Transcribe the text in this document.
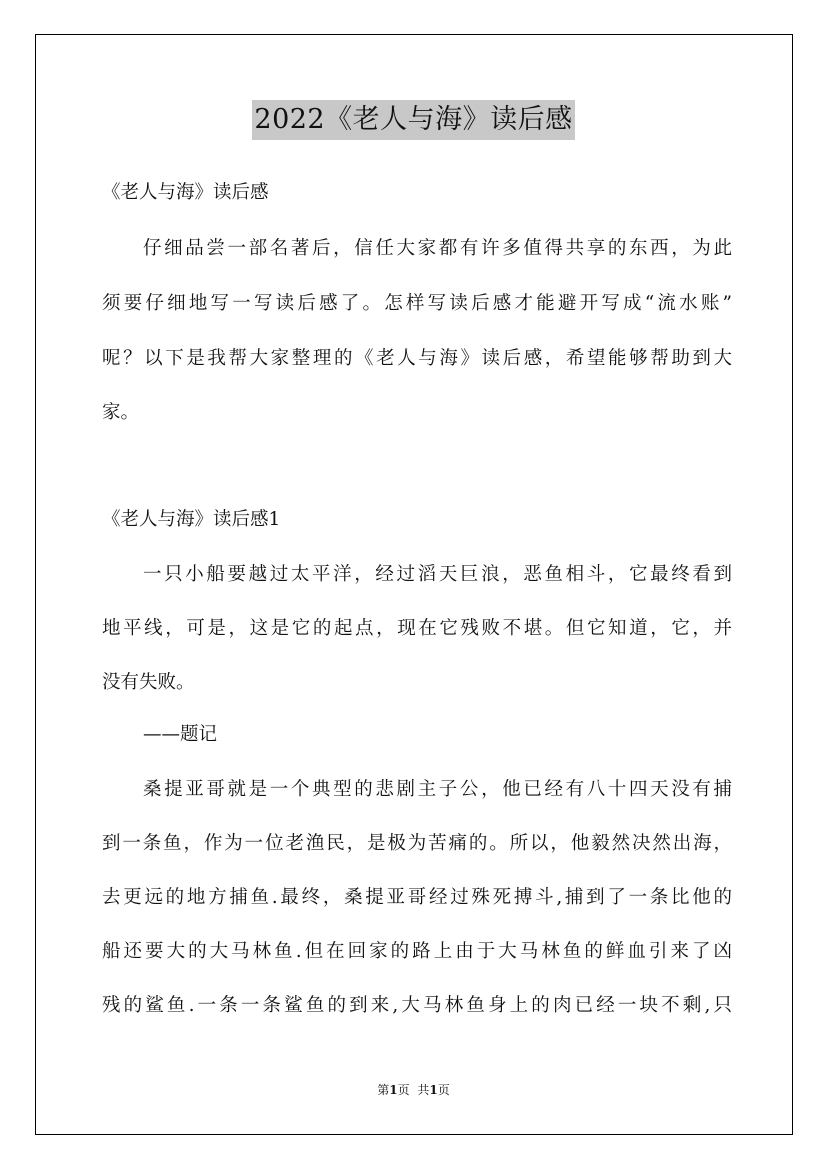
2022《老人与海》读后感
《老人与海》读后感
仔细品尝一部名著后，信任大家都有许多值得共享的东西，为此
须要仔细地写一写读后感了。怎样写读后感才能避开写成“流水账”
呢？以下是我帮大家整理的《老人与海》读后感，希望能够帮助到大
家。
《老人与海》读后感1
一只小船要越过太平洋，经过滔天巨浪，恶鱼相斗，它最终看到
地平线，可是，这是它的起点，现在它残败不堪。但它知道，它，并
没有失败。
——题记
桑提亚哥就是一个典型的悲剧主子公，他已经有八十四天没有捕
到一条鱼，作为一位老渔民，是极为苦痛的。所以，他毅然决然出海，
去更远的地方捕鱼.最终，桑提亚哥经过殊死搏斗,捕到了一条比他的
船还要大的大马林鱼.但在回家的路上由于大马林鱼的鲜血引来了凶
残的鲨鱼.一条一条鲨鱼的到来,大马林鱼身上的肉已经一块不剩,只
第1页 共1页
